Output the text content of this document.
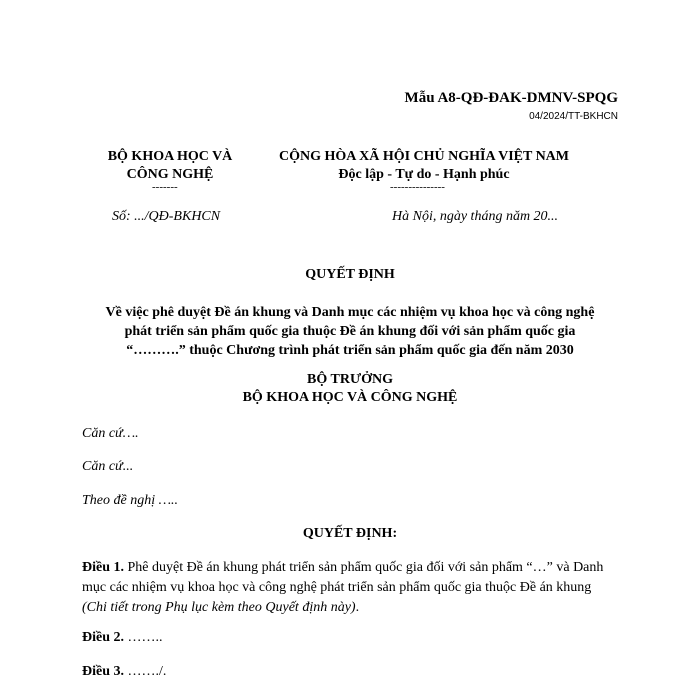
Mẫu A8-QĐ-ĐAK-DMNV-SPQG
04/2024/TT-BKHCN
BỘ KHOA HỌC VÀ
CÔNG NGHỆ
-------
CỘNG HÒA XÃ HỘI CHỦ NGHĨA VIỆT NAM
Độc lập - Tự do - Hạnh phúc
---------------
Số: .../QĐ-BKHCN	Hà Nội, ngày tháng năm 20...
QUYẾT ĐỊNH
Về việc phê duyệt Đề án khung và Danh mục các nhiệm vụ khoa học và công nghệ
phát triển sản phẩm quốc gia thuộc Đề án khung đối với sản phẩm quốc gia
“……….” thuộc Chương trình phát triển sản phẩm quốc gia đến năm 2030
BỘ TRƯỞNG
BỘ KHOA HỌC VÀ CÔNG NGHỆ
Căn cứ….
Căn cứ...
Theo đề nghị …..
QUYẾT ĐỊNH:
Điều 1. Phê duyệt Đề án khung phát triển sản phẩm quốc gia đối với sản phẩm “…” và Danh mục các nhiệm vụ khoa học và công nghệ phát triển sản phẩm quốc gia thuộc Đề án khung (Chi tiết trong Phụ lục kèm theo Quyết định này).
Điều 2. ……..
Điều 3. ……./.
